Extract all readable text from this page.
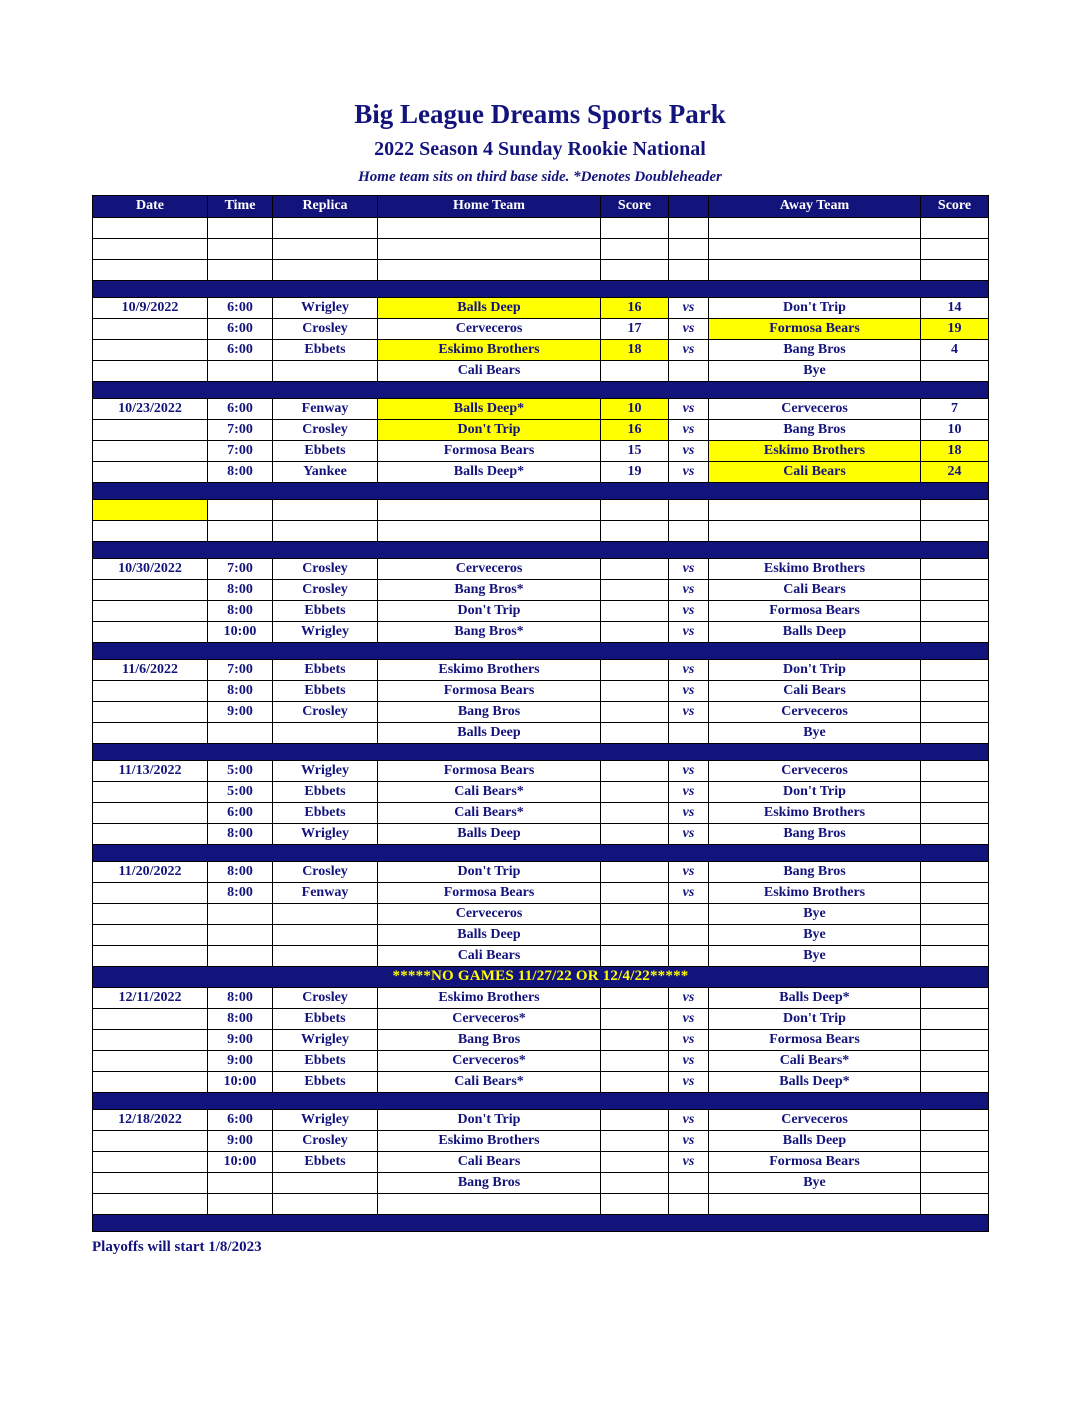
Big League Dreams Sports Park
2022 Season 4 Sunday Rookie National
Home team sits on third base side. *Denotes Doubleheader
Date	Time	Replica	Home Team	Score		Away Team	Score

10/9/2022	6:00	Wrigley	Balls Deep	16	vs	Don't Trip	14
	6:00	Crosley	Cerveceros	17	vs	Formosa Bears	19
	6:00	Ebbets	Eskimo Brothers	18	vs	Bang Bros	4
			Cali Bears			Bye	

10/23/2022	6:00	Fenway	Balls Deep*	10	vs	Cerveceros	7
	7:00	Crosley	Don't Trip	16	vs	Bang Bros	10
	7:00	Ebbets	Formosa Bears	15	vs	Eskimo Brothers	18
	8:00	Yankee	Balls Deep*	19	vs	Cali Bears	24

10/30/2022	7:00	Crosley	Cerveceros		vs	Eskimo Brothers	
	8:00	Crosley	Bang Bros*		vs	Cali Bears	
	8:00	Ebbets	Don't Trip		vs	Formosa Bears	
	10:00	Wrigley	Bang Bros*		vs	Balls Deep	

11/6/2022	7:00	Ebbets	Eskimo Brothers		vs	Don't Trip	
	8:00	Ebbets	Formosa Bears		vs	Cali Bears	
	9:00	Crosley	Bang Bros		vs	Cerveceros	
			Balls Deep			Bye	

11/13/2022	5:00	Wrigley	Formosa Bears		vs	Cerveceros	
	5:00	Ebbets	Cali Bears*		vs	Don't Trip	
	6:00	Ebbets	Cali Bears*		vs	Eskimo Brothers	
	8:00	Wrigley	Balls Deep		vs	Bang Bros	

11/20/2022	8:00	Crosley	Don't Trip		vs	Bang Bros	
	8:00	Fenway	Formosa Bears		vs	Eskimo Brothers	
			Cerveceros			Bye	
			Balls Deep			Bye	
			Cali Bears			Bye	
*****NO GAMES 11/27/22 OR 12/4/22*****							
12/11/2022	8:00	Crosley	Eskimo Brothers		vs	Balls Deep*	
	8:00	Ebbets	Cerveceros*		vs	Don't Trip	
	9:00	Wrigley	Bang Bros		vs	Formosa Bears	
	9:00	Ebbets	Cerveceros*		vs	Cali Bears*	
	10:00	Ebbets	Cali Bears*		vs	Balls Deep*	

12/18/2022	6:00	Wrigley	Don't Trip		vs	Cerveceros	
	9:00	Crosley	Eskimo Brothers		vs	Balls Deep	
	10:00	Ebbets	Cali Bears		vs	Formosa Bears	
			Bang Bros			Bye	

Playoffs will start 1/8/2023
